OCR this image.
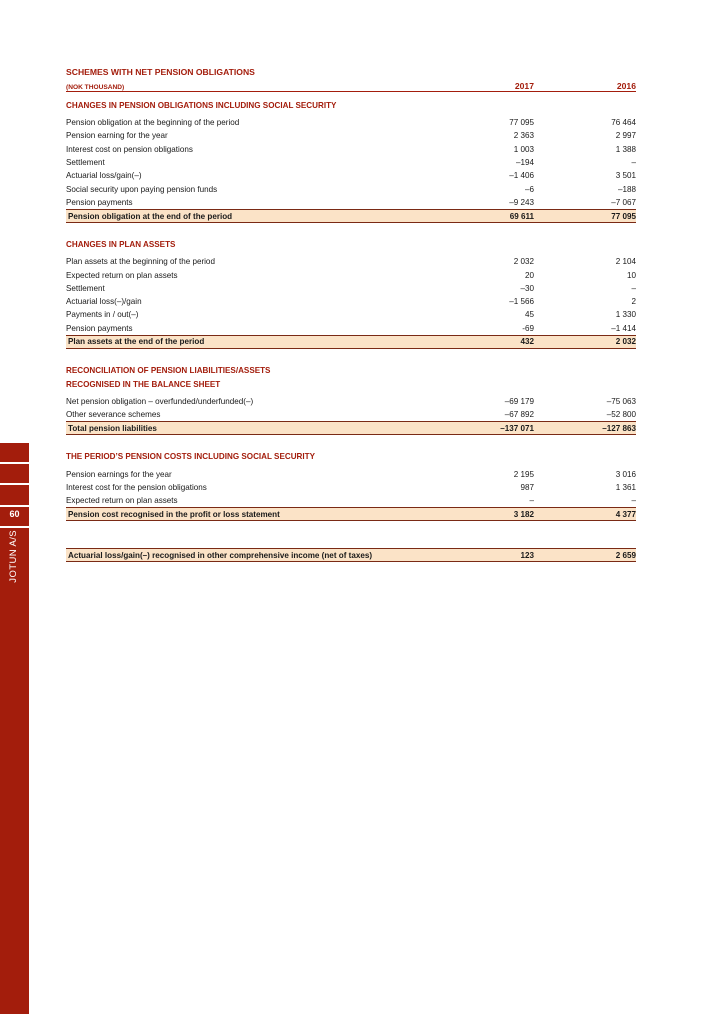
60
JOTUN A/S
SCHEMES WITH NET PENSION OBLIGATIONS
(NOK THOUSAND)	2017	2016
CHANGES IN PENSION OBLIGATIONS INCLUDING SOCIAL SECURITY
Pension obligation at the beginning of the period	77 095	76 464
Pension earning for the year	2 363	2 997
Interest cost on pension obligations	1 003	1 388
Settlement	–194	–
Actuarial loss/gain(–)	–1 406	3 501
Social security upon paying pension funds	–6	–188
Pension payments	–9 243	–7 067
Pension obligation at the end of the period	69 611	77 095
CHANGES IN PLAN ASSETS
Plan assets at the beginning of the period	2 032	2 104
Expected return on plan assets	20	10
Settlement	–30	–
Actuarial loss(–)/gain	–1 566	2
Payments in / out(–)	45	1 330
Pension payments	-69	–1 414
Plan assets at the end of the period	432	2 032
RECONCILIATION OF PENSION LIABILITIES/ASSETS
RECOGNISED IN THE BALANCE SHEET
Net pension obligation – overfunded/underfunded(–)	–69 179	–75 063
Other severance schemes	–67 892	–52 800
Total pension liabilities	–137 071	–127 863
THE PERIOD’S PENSION COSTS INCLUDING SOCIAL SECURITY
Pension earnings for the year	2 195	3 016
Interest cost for the pension obligations	987	1 361
Expected return on plan assets	–	–
Pension cost recognised in the profit or loss statement	3 182	4 377
Actuarial loss/gain(–) recognised in other comprehensive income (net of taxes)	123	2 659
